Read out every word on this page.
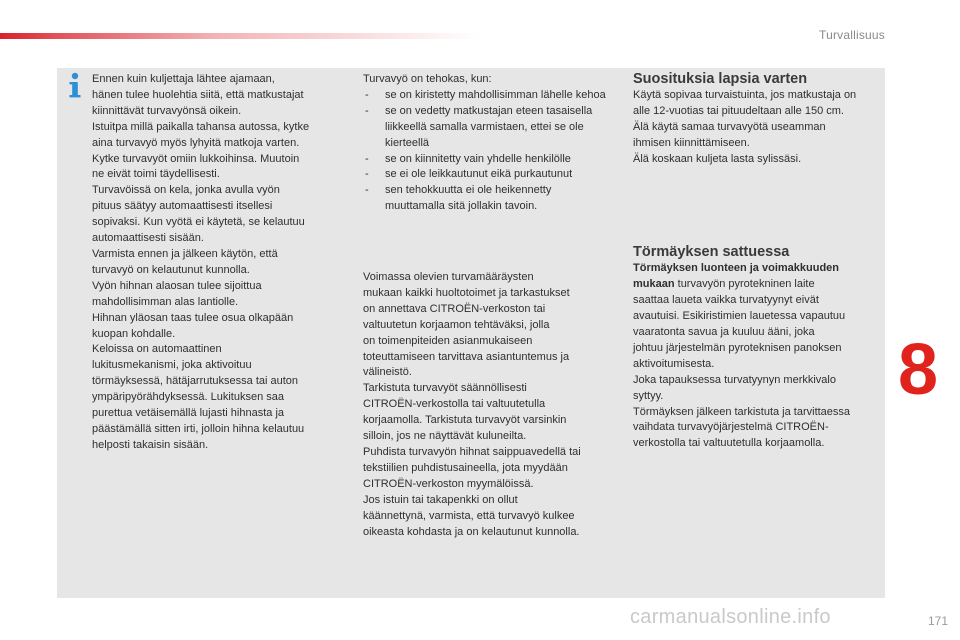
Turvallisuus

Ennen kuin kuljettaja lähtee ajamaan,

hänen tulee huolehtia siitä, että matkustajat

kiinnittävät turvavyönsä oikein.

Istuitpa millä paikalla tahansa autossa, kytke

aina turvavyö myös lyhyitä matkoja varten.

Kytke turvavyöt omiin lukkoihinsa. Muutoin

ne eivät toimi täydellisesti.

Turvavöissä on kela, jonka avulla vyön

pituus säätyy automaattisesti itsellesi

sopivaksi. Kun vyötä ei käytetä, se kelautuu

automaattisesti sisään.

Varmista ennen ja jälkeen käytön, että

turvavyö on kelautunut kunnolla.

Vyön hihnan alaosan tulee sijoittua

mahdollisimman alas lantiolle.

Hihnan yläosan taas tulee osua olkapään

kuopan kohdalle.

Keloissa on automaattinen

lukitusmekanismi, joka aktivoituu

törmäyksessä, hätäjarrutuksessa tai auton

ympäripyörähdyksessä. Lukituksen saa

purettua vetäisemällä lujasti hihnasta ja

päästämällä sitten irti, jolloin hihna kelautuu

helposti takaisin sisään.

Turvavyö on tehokas, kun:

- se on kiristetty mahdollisimman lähelle kehoa
- se on vedetty matkustajan eteen tasaisella liikkeellä samalla varmistaen, ettei se ole kierteellä
- se on kiinnitetty vain yhdelle henkilölle
- se ei ole leikkautunut eikä purkautunut
- sen tehokkuutta ei ole heikennetty muuttamalla sitä jollakin tavoin.

Voimassa olevien turvamääräysten

mukaan kaikki huoltotoimet ja tarkastukset

on annettava CITROËN-verkoston tai

valtuutetun korjaamon tehtäväksi, jolla

on toimenpiteiden asianmukaiseen

toteuttamiseen tarvittava asiantuntemus ja

välineistö.

Tarkistuta turvavyöt säännöllisesti

CITROËN-verkostolla tai valtuutetulla

korjaamolla. Tarkistuta turvavyöt varsinkin

silloin, jos ne näyttävät kuluneilta.

Puhdista turvavyön hihnat saippuavedellä tai

tekstiilien puhdistusaineella, jota myydään

CITROËN-verkoston myymälöissä.

Jos istuin tai takapenkki on ollut

käännettynä, varmista, että turvavyö kulkee

oikeasta kohdasta ja on kelautunut kunnolla.

Suosituksia lapsia varten

Käytä sopivaa turvaistuinta, jos matkustaja on

alle 12-vuotias tai pituudeltaan alle 150 cm.

Älä käytä samaa turvavyötä useamman

ihmisen kiinnittämiseen.

Älä koskaan kuljeta lasta sylissäsi.

Törmäyksen sattuessa

Törmäyksen luonteen ja voimakkuuden mukaan turvavyön pyrotekninen laite

saattaa laueta vaikka turvatyynyt eivät

avautuisi. Esikiristimien lauetessa vapautuu

vaaratonta savua ja kuuluu ääni, joka

johtuu järjestelmän pyroteknisen panoksen

aktivoitumisesta.

Joka tapauksessa turvatyynyn merkkivalo

syttyy.

Törmäyksen jälkeen tarkistuta ja tarvittaessa

vaihdata turvavyöjärjestelmä CITROËN-

verkostolla tai valtuutetulla korjaamolla.

8
carmanualsonline.info	171
